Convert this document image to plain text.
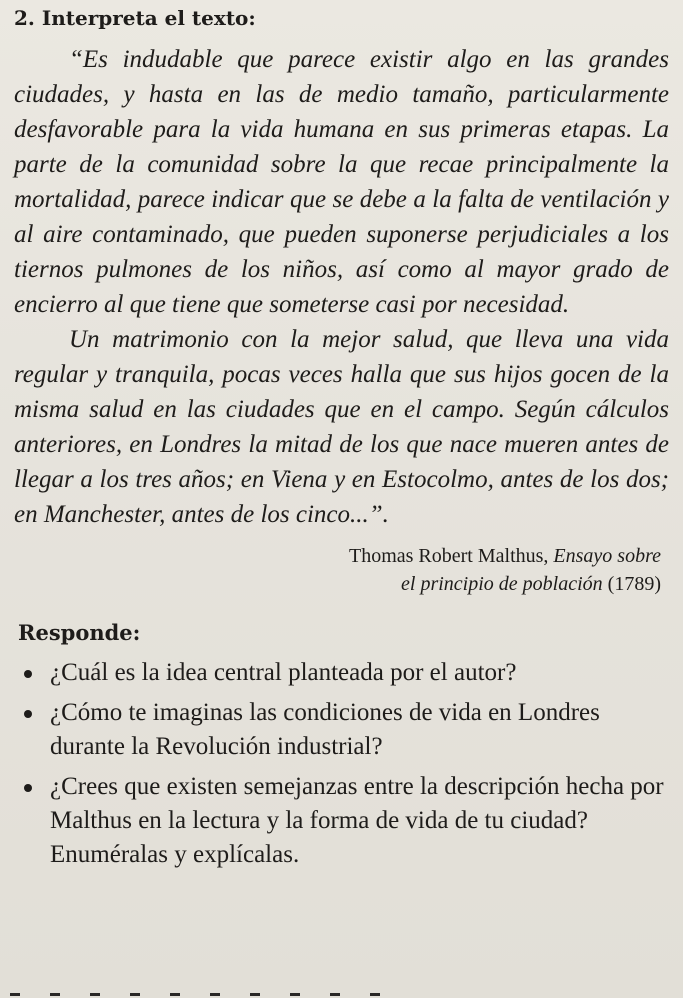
2. Interpreta el texto:

“Es indudable que parece existir algo en las grandes ciudades, y hasta en las de medio tamaño, particularmente desfavorable para la vida humana en sus primeras etapas. La parte de la comunidad sobre la que recae principalmente la mortalidad, parece indicar que se debe a la falta de ventilación y al aire contaminado, que pueden suponerse perjudiciales a los tiernos pulmones de los niños, así como al mayor grado de encierro al que tiene que someterse casi por necesidad.

Un matrimonio con la mejor salud, que lleva una vida regular y tranquila, pocas veces halla que sus hijos gocen de la misma salud en las ciudades que en el campo. Según cálculos anteriores, en Londres la mitad de los que nace mueren antes de llegar a los tres años; en Viena y en Estocolmo, antes de los dos; en Manchester, antes de los cinco...”.

Thomas Robert Malthus, Ensayo sobre
el principio de población (1789)
Responde:
¿Cuál es la idea central planteada por el autor?
¿Cómo te imaginas las condiciones de vida en Londres durante la Revolución industrial?
¿Crees que existen semejanzas entre la descripción hecha por Malthus en la lectura y la forma de vida de tu ciudad? Enuméralas y explícalas.
